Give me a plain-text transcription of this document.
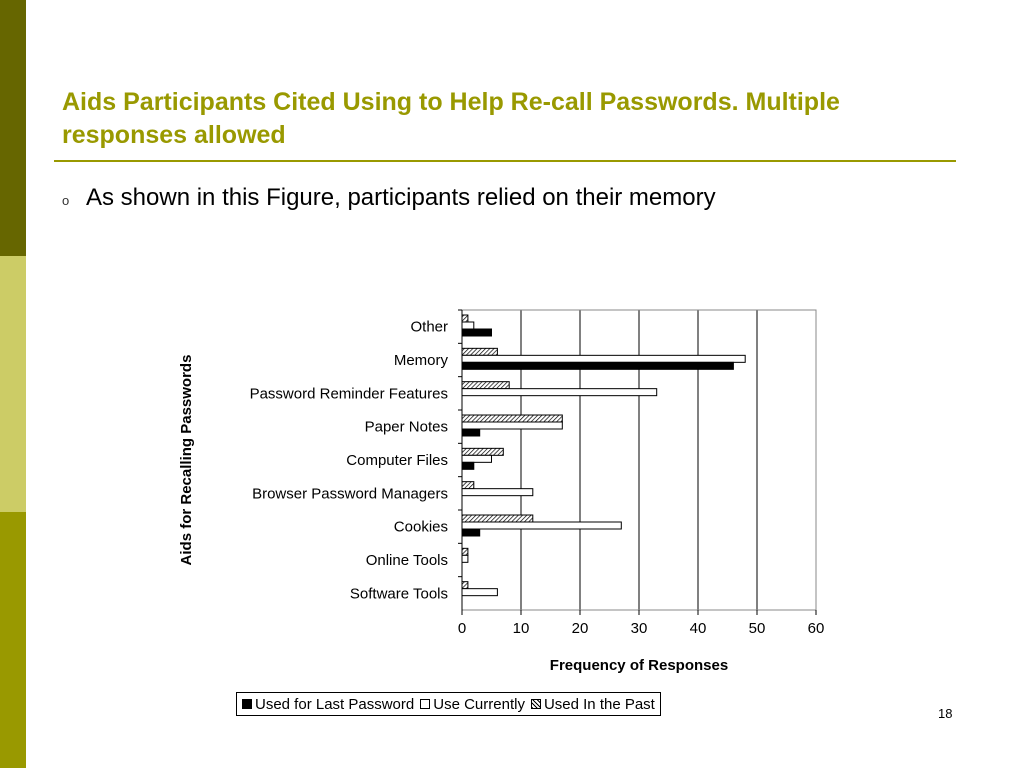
Aids Participants Cited Using to Help Re-call Passwords. Multiple responses allowed
o As shown in this Figure, participants relied on their memory
0	10	20	30	40	50	60
Other
Memory
Password Reminder Features
Paper Notes
Computer Files
Browser Password Managers
Cookies
Online Tools
Software Tools
Frequency of Responses
Aids for Recalling Passwords
Used for Last Password Use Currently Used In the Past
18
